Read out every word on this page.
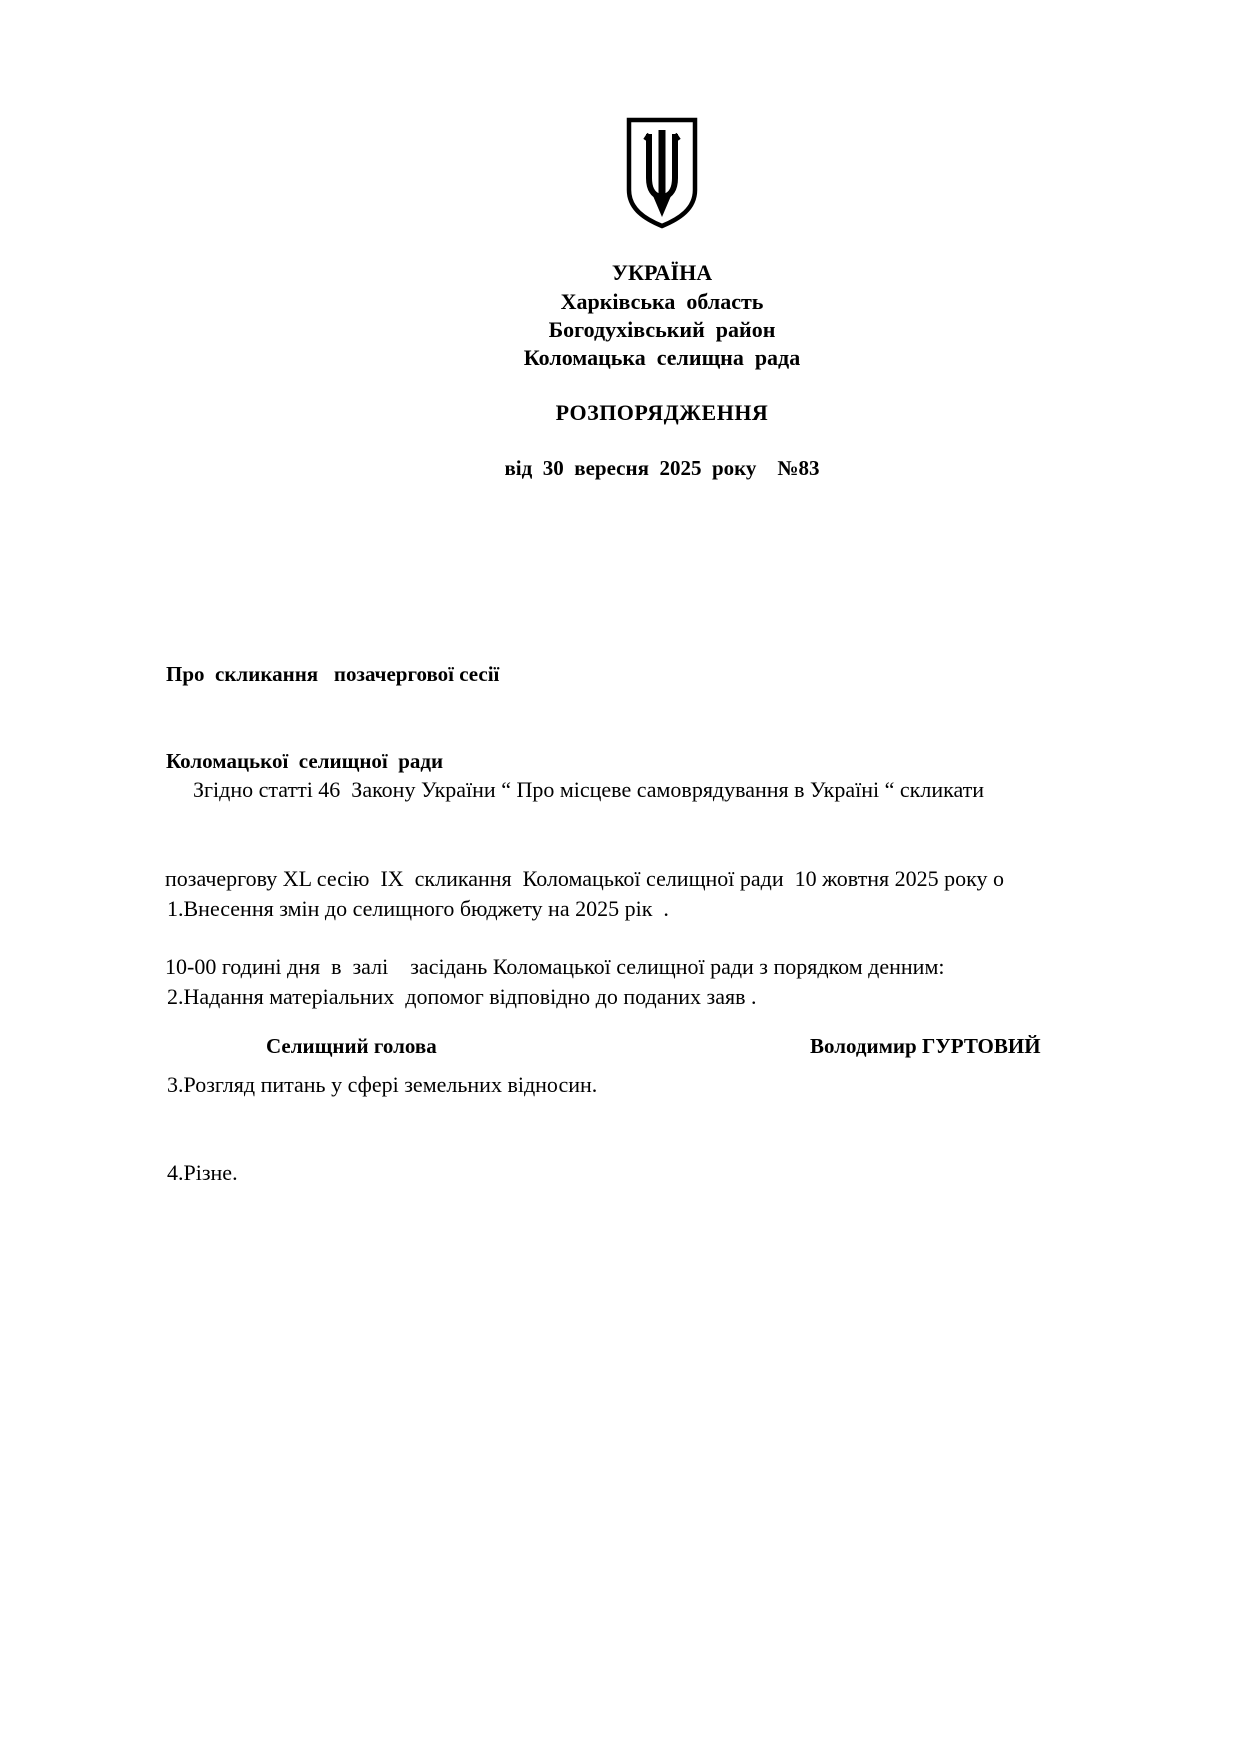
УКРАЇНА
Харківська  область
Богодухівський  район
Коломацька  селищна  рада
РОЗПОРЯДЖЕННЯ
від  30  вересня  2025  року    №83

Про  скликання   позачергової сесії

Коломацької  селищної  ради

Згідно статті 46  Закону України “ Про місцеве самоврядування в Україні “ скликати

позачергову XL сесію  ІХ  скликання  Коломацької селищної ради  10 жовтня 2025 року о

10-00 годині дня  в  залі    засідань Коломацької селищної ради з порядком денним:

1.Внесення змін до селищного бюджету на 2025 рік  .

2.Надання матеріальних  допомог відповідно до поданих заяв .

3.Розгляд питань у сфері земельних відносин.

4.Різне.

Селищний голова	Володимир ГУРТОВИЙ
